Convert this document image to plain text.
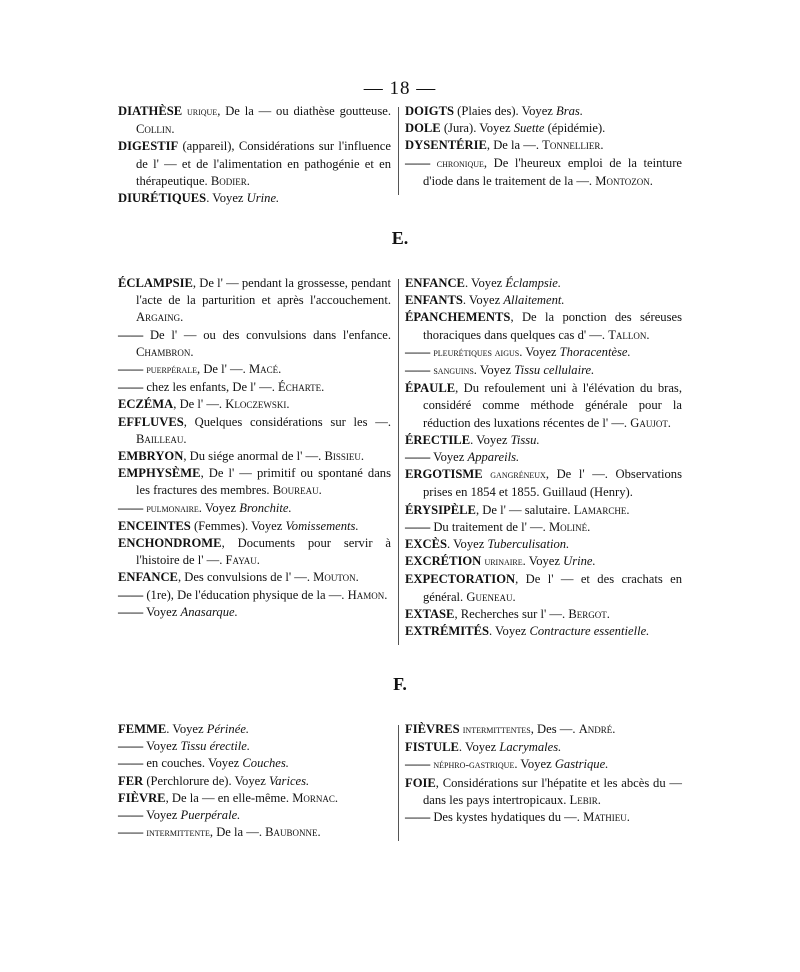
— 18 —

DIATHÈSE urique, De la — ou diathèse goutteuse. Collin.

DIGESTIF (appareil), Considérations sur l'influence de l' — et de l'alimentation en pathogénie et en thérapeutique. Bodier.

DIURÉTIQUES. Voyez Urine.

DOIGTS (Plaies des). Voyez Bras.

DOLE (Jura). Voyez Suette (épidémie).

DYSENTÉRIE, De la —. Tonnellier.

—— chronique, De l'heureux emploi de la teinture d'iode dans le traitement de la —. Montozon.

E.

ÉCLAMPSIE, De l' — pendant la grossesse, pendant l'acte de la parturition et après l'accouchement. Argaing.

—— De l' — ou des convulsions dans l'enfance. Chambron.

—— puerpérale, De l' —. Macé.

—— chez les enfants, De l' —. Écharte.

ECZÉMA, De l' —. Kloczewski.

EFFLUVES, Quelques considérations sur les —. Bailleau.

EMBRYON, Du siége anormal de l' —. Bissieu.

EMPHYSÈME, De l' — primitif ou spontané dans les fractures des membres. Boureau.

—— pulmonaire. Voyez Bronchite.

ENCEINTES (Femmes). Voyez Vomissements.

ENCHONDROME, Documents pour servir à l'histoire de l' —. Fayau.

ENFANCE, Des convulsions de l' —. Mouton.

—— (1re), De l'éducation physique de la —. Hamon.

—— Voyez Anasarque.

ENFANCE. Voyez Éclampsie.

ENFANTS. Voyez Allaitement.

ÉPANCHEMENTS, De la ponction des séreuses thoraciques dans quelques cas d' —. Tallon.

—— pleurétiques aigus. Voyez Thoracentèse.

—— sanguins. Voyez Tissu cellulaire.

ÉPAULE, Du refoulement uni à l'élévation du bras, considéré comme méthode générale pour la réduction des luxations récentes de l' —. Gaujot.

ÉRECTILE. Voyez Tissu.

—— Voyez Appareils.

ERGOTISME gangréneux, De l' —. Observations prises en 1854 et 1855. Guillaud (Henry).

ÉRYSIPÈLE, De l' — salutaire. Lamarche.

—— Du traitement de l' —. Moliné.

EXCÈS. Voyez Tuberculisation.

EXCRÉTION urinaire. Voyez Urine.

EXPECTORATION, De l' — et des crachats en général. Gueneau.

EXTASE, Recherches sur l' —. Bergot.

EXTRÉMITÉS. Voyez Contracture essentielle.

F.

FEMME. Voyez Périnée.

—— Voyez Tissu érectile.

—— en couches. Voyez Couches.

FER (Perchlorure de). Voyez Varices.

FIÈVRE, De la — en elle-même. Mornac.

—— Voyez Puerpérale.

—— intermittente, De la —. Baubonne.

FIÈVRES intermittentes, Des —. André.

FISTULE. Voyez Lacrymales.

—— néphro-gastrique. Voyez Gastrique.

FOIE, Considérations sur l'hépatite et les abcès du — dans les pays intertropicaux. Lebir.

—— Des kystes hydatiques du —. Mathieu.
